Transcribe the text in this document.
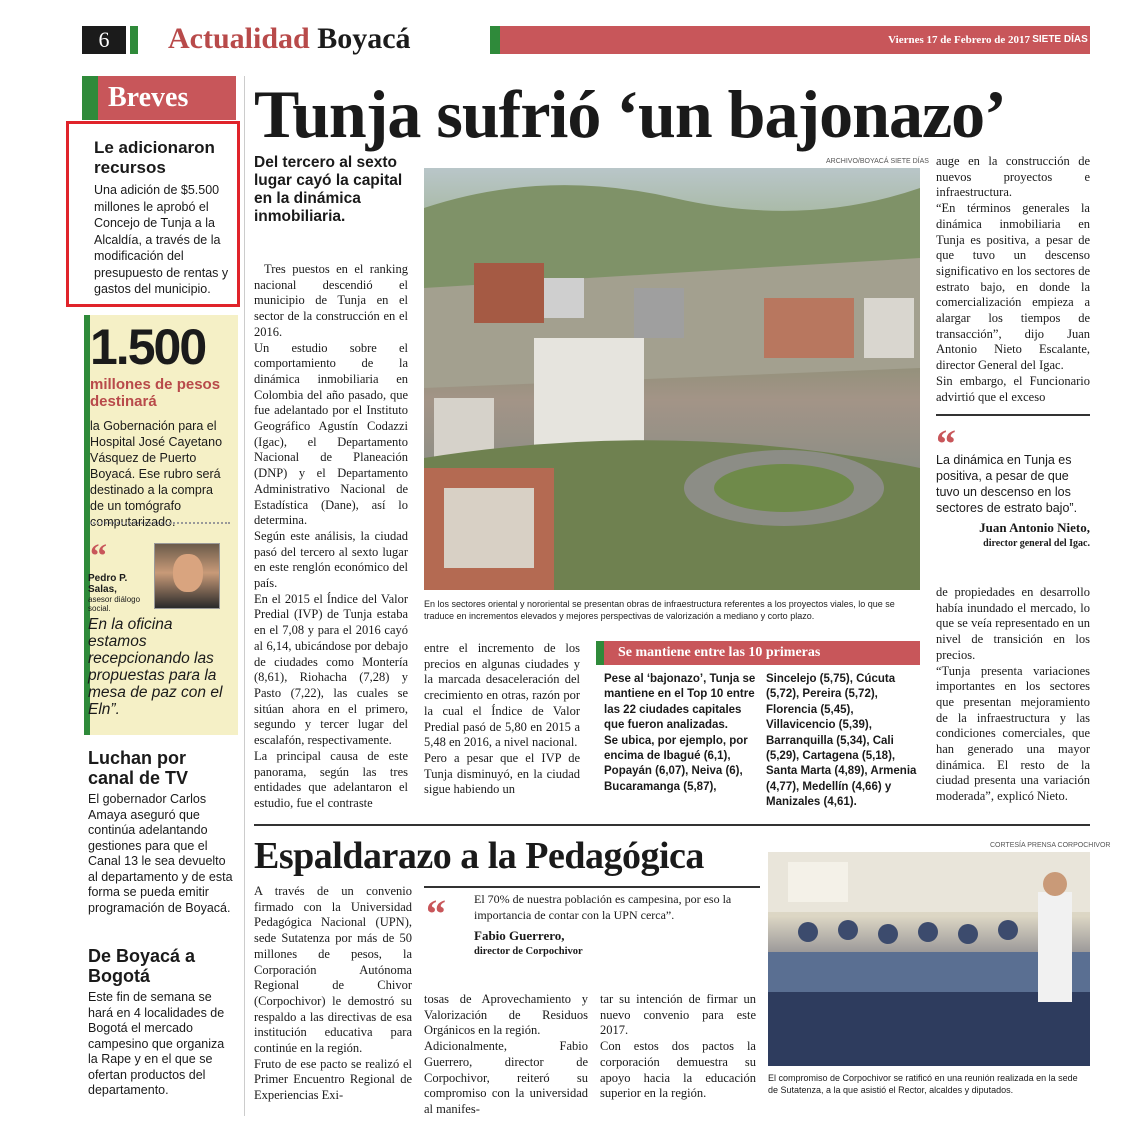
6	Actualidad Boyacá	Viernes 17 de Febrero de 2017 SIETE DÍAS
Breves
Le adicionaron recursos
Una adición de $5.500 millones le aprobó el Concejo de Tunja a la Alcaldía, a través de la modificación del presupuesto de rentas y gastos del municipio.
1.500
millones de pesos destinará
la Gobernación para el Hospital José Cayetano Vásquez de Puerto Boyacá. Ese rubro será destinado a la compra de un tomógrafo computarizado.
“
Pedro P. Salas,
asesor diálogo social.
En la oficina estamos recepcionando las propuestas para la mesa de paz con el Eln”.
Luchan por canal de TV
El gobernador Carlos Amaya aseguró que continúa adelantando gestiones para que el Canal 13 le sea devuelto al departamento y de esta forma se pueda emitir programación de Boyacá.
De Boyacá a Bogotá
Este fin de semana se hará en 4 localidades de Bogotá el mercado campesino que organiza la Rape y en el que se ofertan productos del departamento.
Tunja sufrió ‘un bajonazo’
Del tercero al sexto lugar cayó la capital en la dinámica inmobiliaria.
ARCHIVO/BOYACÁ SIETE DÍAS
En los sectores oriental y nororiental se presentan obras de infraestructura referentes a los proyectos viales, lo que se traduce en incrementos elevados y mejores perspectivas de valorización a mediano y corto plazo.

Tres puestos en el ranking nacional descendió el municipio de Tunja en el sector de la construcción en el 2016.
Un estudio sobre el comportamiento de la dinámica inmobiliaria en Colombia del año pasado, que fue adelantado por el Instituto Geográfico Agustín Codazzi (Igac), el Departamento Nacional de Planeación (DNP) y el Departamento Administrativo Nacional de Estadística (Dane), así lo determina.
Según este análisis, la ciudad pasó del tercero al sexto lugar en este renglón económico del país.
En el 2015 el Índice del Valor Predial (IVP) de Tunja estaba en el 7,08 y para el 2016 cayó al 6,14, ubicándose por debajo de ciudades como Montería (8,61), Riohacha (7,28) y Pasto (7,22), las cuales se sitúan ahora en el primero, segundo y tercer lugar del escalafón, respectivamente.
La principal causa de este panorama, según las tres entidades que adelantaron el estudio, fue el contraste

auge en la construcción de nuevos proyectos e infraestructura.
“En términos generales la dinámica inmobiliaria en Tunja es positiva, a pesar de que tuvo un descenso significativo en los sectores de estrato bajo, en donde la comercialización empieza a alargar los tiempos de transacción”, dijo Juan Antonio Nieto Escalante, director General del Igac.
Sin embargo, el Funcionario advirtió que el exceso

“
La dinámica en Tunja es positiva, a pesar de que tuvo un descenso en los sectores de estrato bajo”.
Juan Antonio Nieto,
director general del Igac.

de propiedades en desarrollo había inundado el mercado, lo que se veía representado en un nivel de transición en los precios.
“Tunja presenta variaciones importantes en los sectores que presentan mejoramiento de la infraestructura y las condiciones comerciales, que han generado una mayor dinámica. El resto de la ciudad presenta una variación moderada”, explicó Nieto.

entre el incremento de los precios en algunas ciudades y la marcada desaceleración del crecimiento en otras, razón por la cual el Índice de Valor Predial pasó de 5,80 en 2015 a 5,48 en 2016, a nivel nacional.
Pero a pesar que el IVP de Tunja disminuyó, en la ciudad sigue habiendo un

Se mantiene entre las 10 primeras
Pese al ‘bajonazo’, Tunja se mantiene en el Top 10 entre las 22 ciudades capitales que fueron analizadas.
Se ubica, por ejemplo, por encima de Ibagué (6,1), Popayán (6,07), Neiva (6), Bucaramanga (5,87),
Sincelejo (5,75), Cúcuta (5,72), Pereira (5,72), Florencia (5,45), Villavicencio (5,39), Barranquilla (5,34), Cali (5,29), Cartagena (5,18), Santa Marta (4,89), Armenia (4,77), Medellín (4,66) y Manizales (4,61).
Espaldarazo a la Pedagógica	CORTESÍA PRENSA CORPOCHIVOR
El compromiso de Corpochivor se ratificó en una reunión realizada en la sede de Sutatenza, a la que asistió el Rector, alcaldes y diputados.
“ El 70% de nuestra población es campesina, por eso la importancia de contar con la UPN cerca”.
Fabio Guerrero,
director de Corpochivor

A través de un convenio firmado con la Universidad Pedagógica Nacional (UPN), sede Sutatenza por más de 50 millones de pesos, la Corporación Autónoma Regional de Chivor (Corpochivor) le demostró su respaldo a las directivas de esa institución educativa para continúe en la región.
Fruto de ese pacto se realizó el Primer Encuentro Regional de Experiencias Exi-

tosas de Aprovechamiento y Valorización de Residuos Orgánicos en la región.
Adicionalmente, Fabio Guerrero, director de Corpochivor, reiteró su compromiso con la universidad al manifes-

tar su intención de firmar un nuevo convenio para este 2017.
Con estos dos pactos la corporación demuestra su apoyo hacia la educación superior en la región.
